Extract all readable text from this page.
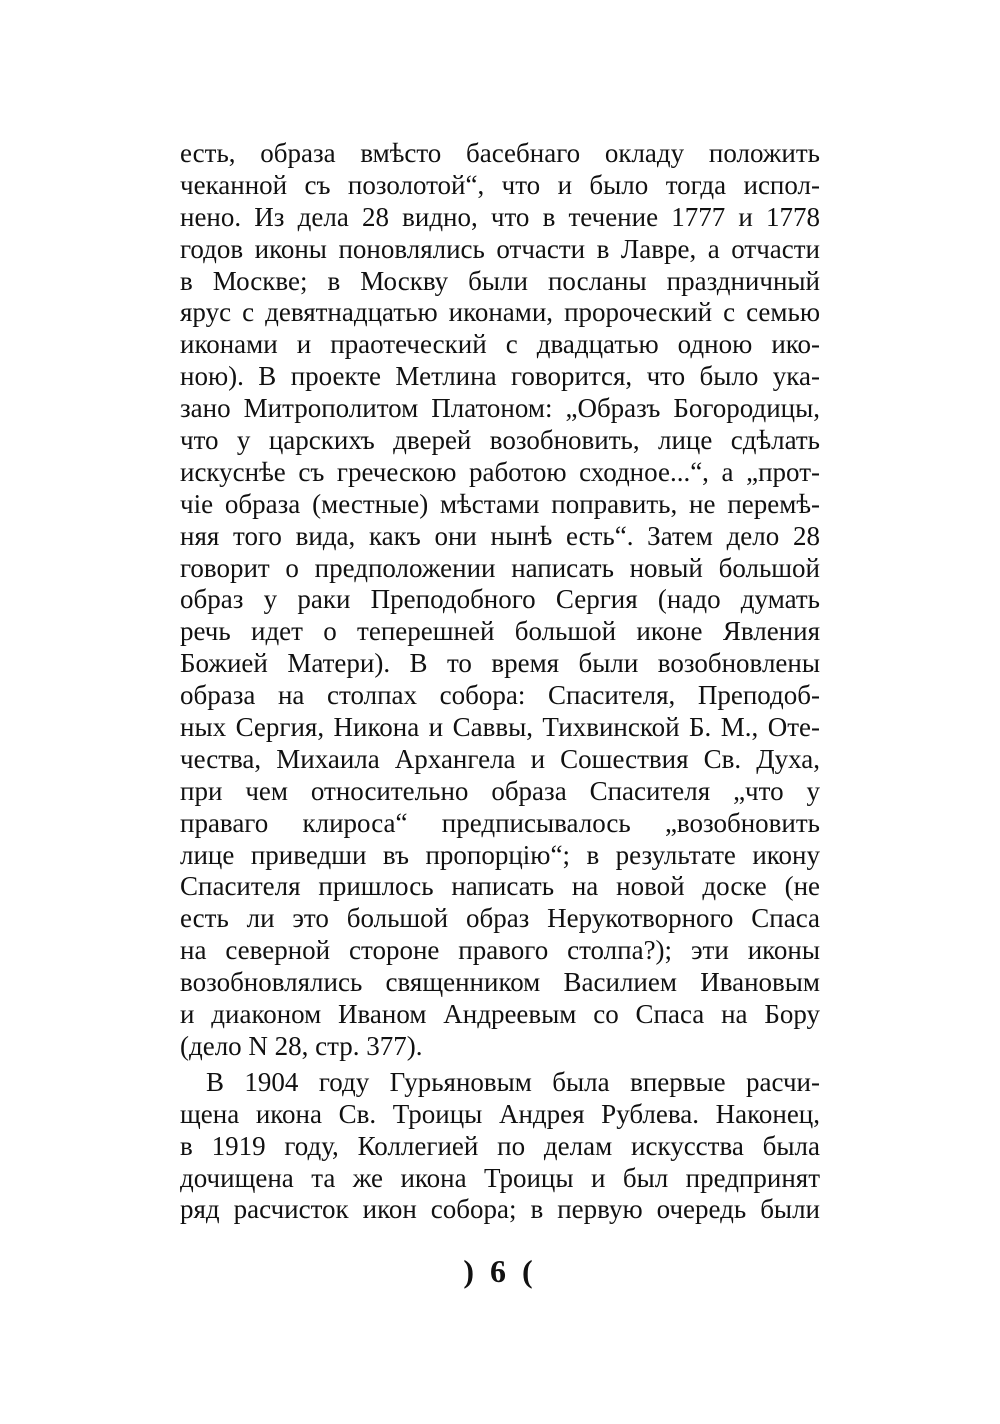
есть, образа вмѣсто басебнаго окладу положить
чеканной съ позолотой“, что и было тогда испол-
нено. Из дела 28 видно, что в течение 1777 и 1778
годов иконы поновлялись отчасти в Лавре, а отчасти
в Москве; в Москву были посланы праздничный
ярус с девятнадцатью иконами, пророческий с семью
иконами и праотеческий с двадцатью одною ико-
ною). В проекте Метлина говорится, что было ука-
зано Митрополитом Платоном: „Образъ Богородицы,
что у царскихъ дверей возобновить, лице сдѣлать
искуснѣе съ греческою работою сходное...“, а „прот-
чiе образа (местные) мѣстами поправить, не перемѣ-
няя того вида, какъ они нынѣ есть“. Затем дело 28
говорит о предположении написать новый большой
образ у раки Преподобного Сергия (надо думать
речь идет о теперешней большой иконе Явления
Божией Матери). В то время были возобновлены
образа на столпах собора: Спасителя, Преподоб-
ных Сергия, Никона и Саввы, Тихвинской Б. М., Оте-
чества, Михаила Архангела и Сошествия Св. Духа,
при чем относительно образа Спасителя „что у
праваго клироса“ предписывалось „возобновить
лице приведши въ пропорцiю“; в результате икону
Спасителя пришлось написать на новой доске (не
есть ли это большой образ Нерукотворного Спаса
на северной стороне правого столпа?); эти иконы
возобновлялись священником Василием Ивановым
и диаконом Иваном Андреевым со Спаса на Бору
(дело N 28, стр. 377).
В 1904 году Гурьяновым была впервые расчи-
щена икона Св. Троицы Андрея Рублева. Наконец,
в 1919 году, Коллегией по делам искусства была
дочищена та же икона Троицы и был предпринят
ряд расчисток икон собора; в первую очередь были
) 6 (
